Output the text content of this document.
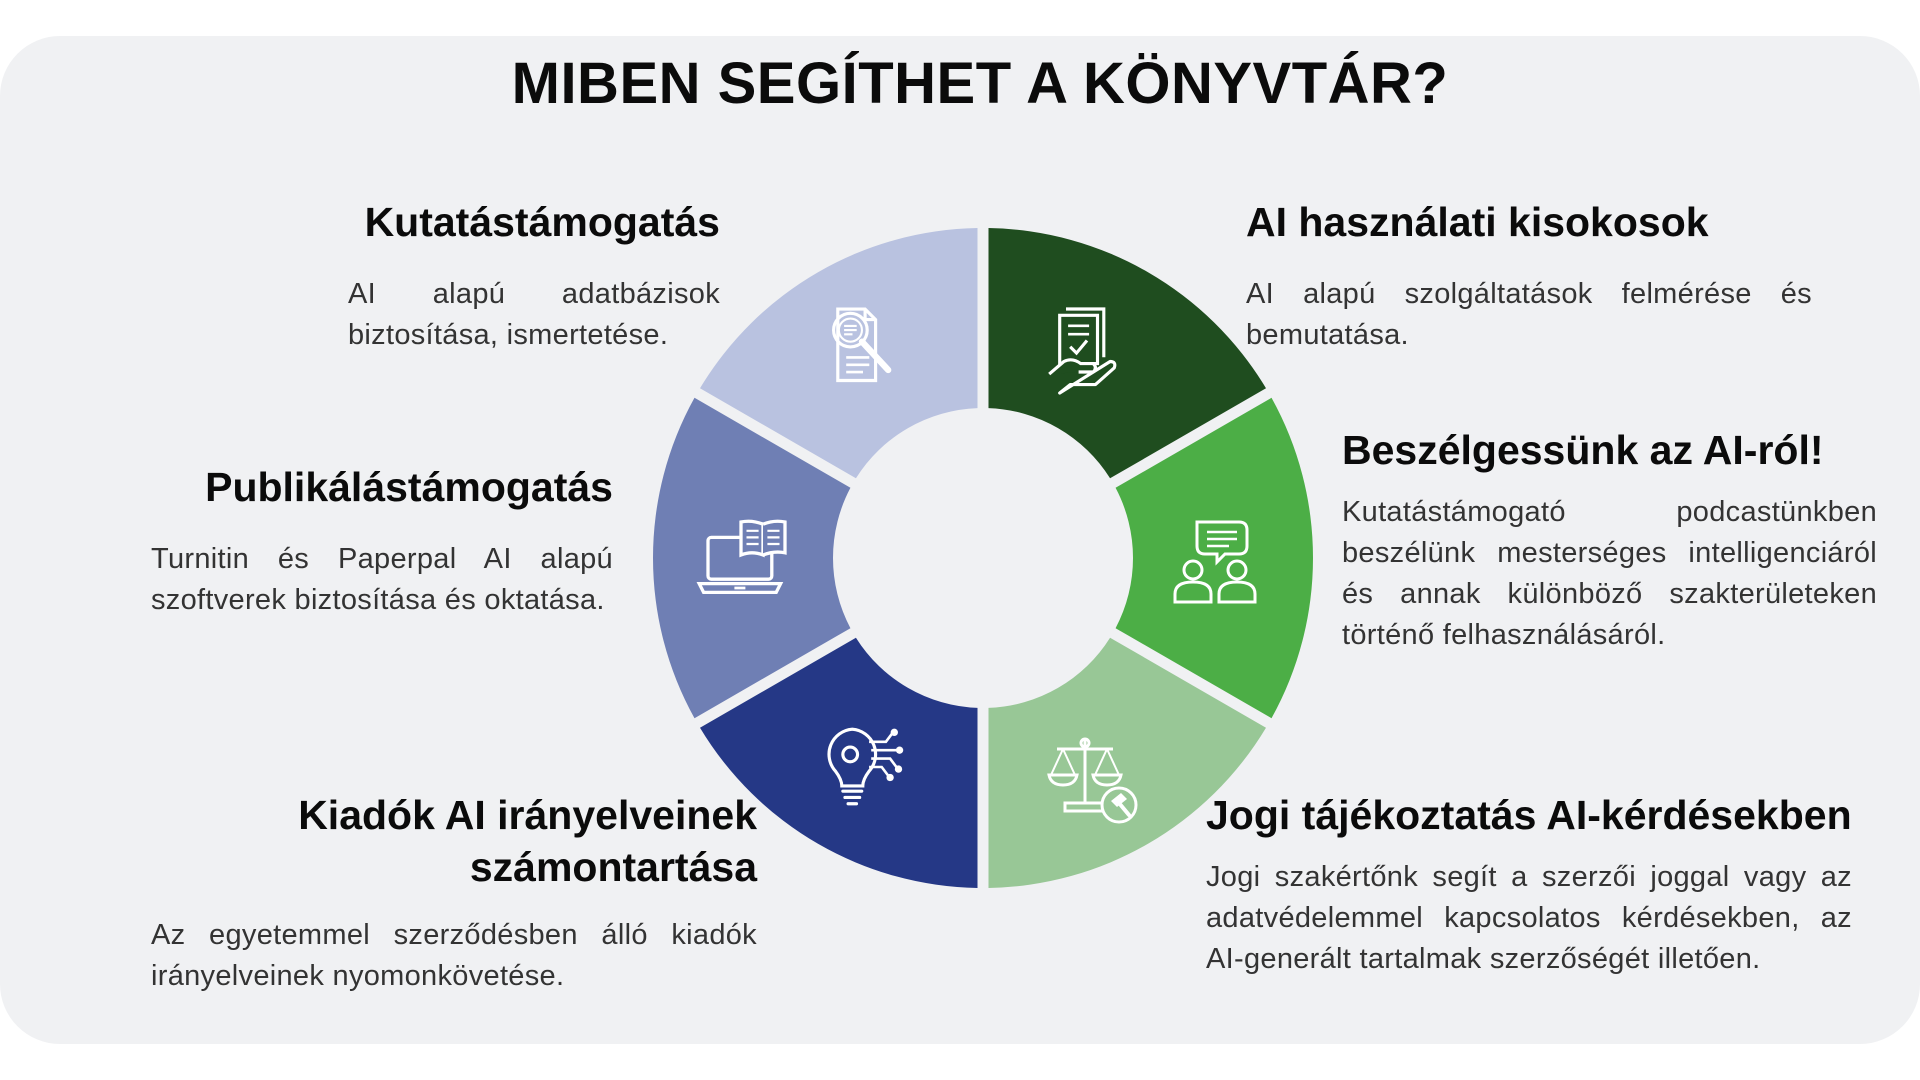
MIBEN SEGÍTHET A KÖNYVTÁR?
Kutatástámogatás

AI alapú adatbázisok biztosítása, ismertetése.

Publikálástámogatás

Turnitin és Paperpal AI alapú szoftverek biztosítása és oktatása.

Kiadók AI irányelveinek számontartása

Az egyetemmel szerződésben álló kiadók irányelveinek nyomonkövetése.

AI használati kisokosok

AI alapú szolgáltatások felmérése és bemutatása.

Beszélgessünk az AI-ról!

Kutatástámogató podcastünkben beszélünk mesterséges intelligenciáról és annak különböző szakterületeken történő felhasználásáról.

Jogi tájékoztatás AI-kérdésekben

Jogi szakértőnk segít a szerzői joggal vagy az adatvédelemmel kapcsolatos kérdésekben, az AI-generált tartalmak szerzőségét illetően.
